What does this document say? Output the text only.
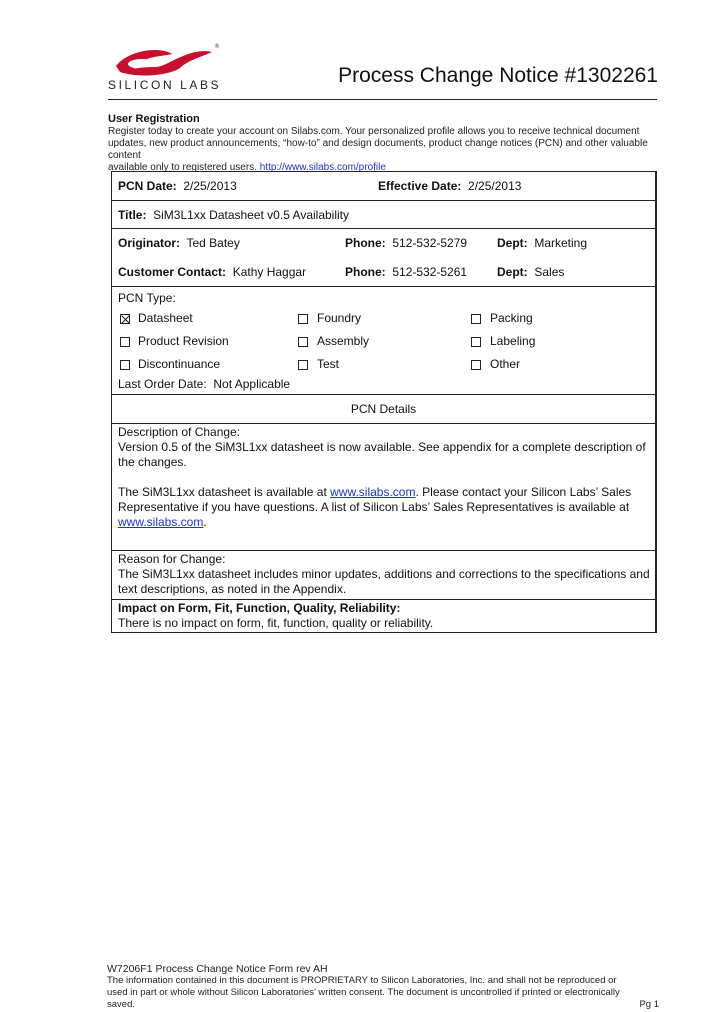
®
SILICON LABS	Process Change Notice #1302261
User Registration
Register today to create your account on Silabs.com. Your personalized profile allows you to receive technical document
updates, new product announcements, “how-to” and design documents, product change notices (PCN) and other valuable content
available only to registered users. http://www.silabs.com/profile
PCN Date: 2/25/2013	Effective Date: 2/25/2013
Title: SiM3L1xx Datasheet v0.5 Availability
Originator: Ted Batey	Phone: 512-532-5279 Dept: Marketing
Customer Contact: Kathy Haggar	Phone: 512-532-5261 Dept: Sales
PCN Type:
Datasheet	Foundry	Packing
Product Revision	Assembly	Labeling
Discontinuance	Test	Other
Last Order Date: Not Applicable
PCN Details
Description of Change:
Version 0.5 of the SiM3L1xx datasheet is now available. See appendix for a complete description of the changes.
The SiM3L1xx datasheet is available at www.silabs.com. Please contact your Silicon Labs’ Sales Representative if you have questions. A list of Silicon Labs’ Sales Representatives is available at www.silabs.com.
Reason for Change:
The SiM3L1xx datasheet includes minor updates, additions and corrections to the specifications and text descriptions, as noted in the Appendix.
Impact on Form, Fit, Function, Quality, Reliability:
There is no impact on form, fit, function, quality or reliability.
W7206F1 Process Change Notice Form rev AH
The information contained in this document is PROPRIETARY to Silicon Laboratories, Inc. and shall not be reproduced or used in part or whole without Silicon Laboratories’ written consent. The document is uncontrolled if printed or electronically saved.	Pg 1
